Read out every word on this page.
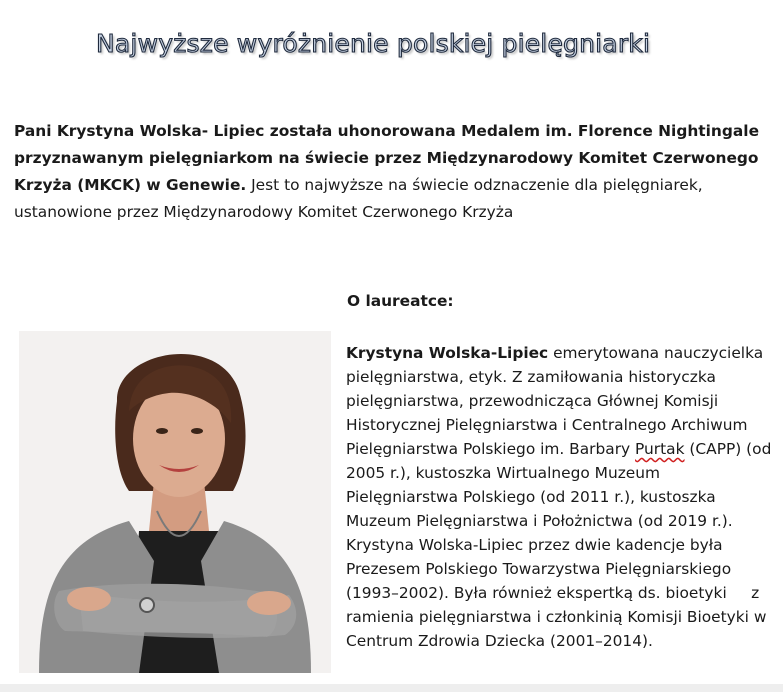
Najwyższe wyróżnienie polskiej pielęgniarki

Pani Krystyna Wolska- Lipiec została uhonorowana Medalem im. Florence Nightingale przyznawanym pielęgniarkom na świecie przez Międzynarodowy Komitet Czerwonego Krzyża (MKCK) w Genewie. Jest to najwyższe na świecie odznaczenie dla pielęgniarek, ustanowione przez Międzynarodowy Komitet Czerwonego Krzyża

O laureatce:

Krystyna Wolska-Lipiec emerytowana nauczycielka pielęgniarstwa, etyk. Z zamiłowania historyczka pielęgniarstwa, przewodnicząca Głównej Komisji Historycznej Pielęgniarstwa i Centralnego Archiwum Pielęgniarstwa Polskiego im. Barbary Purtak (CAPP) (od 2005 r.), kustoszka Wirtualnego Muzeum Pielęgniarstwa Polskiego (od 2011 r.), kustoszka Muzeum Pielęgniarstwa i Położnictwa (od 2019 r.). Krystyna Wolska-Lipiec przez dwie kadencje była Prezesem Polskiego Towarzystwa Pielęgniarskiego (1993–2002). Była również ekspertką ds. bioetyki     z ramienia pielęgniarstwa i członkinią Komisji Bioetyki w Centrum Zdrowia Dziecka (2001–2014).
